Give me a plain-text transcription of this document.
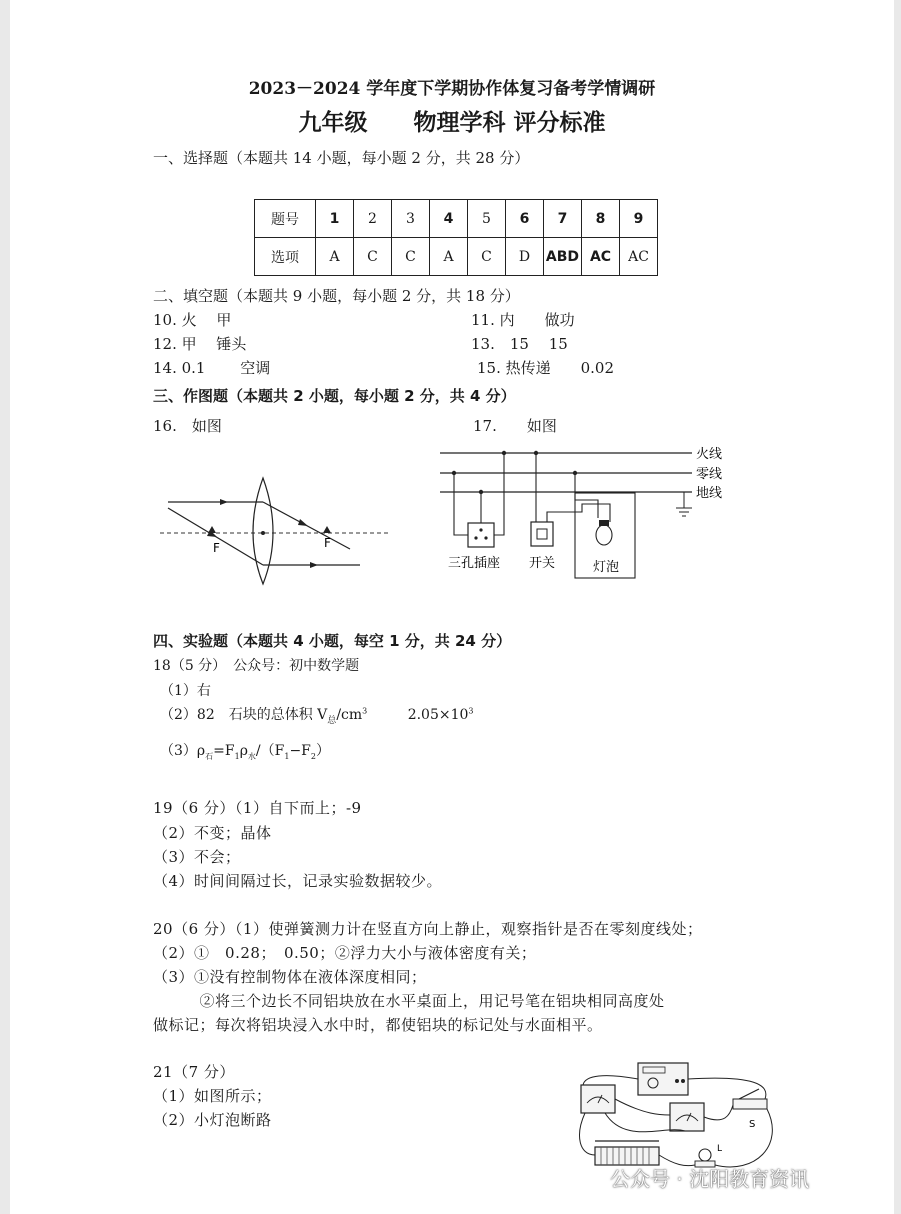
2023－2024 学年度下学期协作体复习备考学情调研
九年级　　物理学科 评分标准
一、选择题（本题共 14 小题，每小题 2 分，共 28 分）
题号	1	2	3	4	5	6	7	8	9
选项	A	C	C	A	C	D	ABD	AC	AC
二、填空题（本题共 9 小题，每小题 2 分，共 18 分）
10. 火　 甲	11. 内　　做功
12. 甲　 锤头	13.　15　 15
14. 0.1　　 空调	15. 热传递　　0.02
三、作图题（本题共 2 小题，每小题 2 分，共 4 分）
16.　如图	17.　　如图
F	F
火线
零线
地线
三孔插座 开关	灯泡
四、实验题（本题共 4 小题，每空 1 分，共 24 分）
18（5 分）　公众号：初中数学题
（1）右
（2）82　石块的总体积 $V_总/cm^3$	$2.05\times 10^3$
$(3)\rho_石=F_1\rho_水/(F_1-F_2)$
19（6 分）（1）自下而上；-9
（2）不变；晶体
（3）不会；
（4）时间间隔过长，记录实验数据较少。
20（6 分）（1）使弹簧测力计在竖直方向上静止，观察指针是否在零刻度线处；
（2）①　0.28；　0.50；②浮力大小与液体密度有关；
（3）①没有控制物体在液体深度相同；
　　　②将三个边长不同铝块放在水平桌面上，用记号笔在铝块相同高度处
做标记；每次将铝块浸入水中时，都使铝块的标记处与水面相平。
21（7 分）
（1）如图所示；
（2）小灯泡断路	S
L
公众号 · 沈阳教育资讯
